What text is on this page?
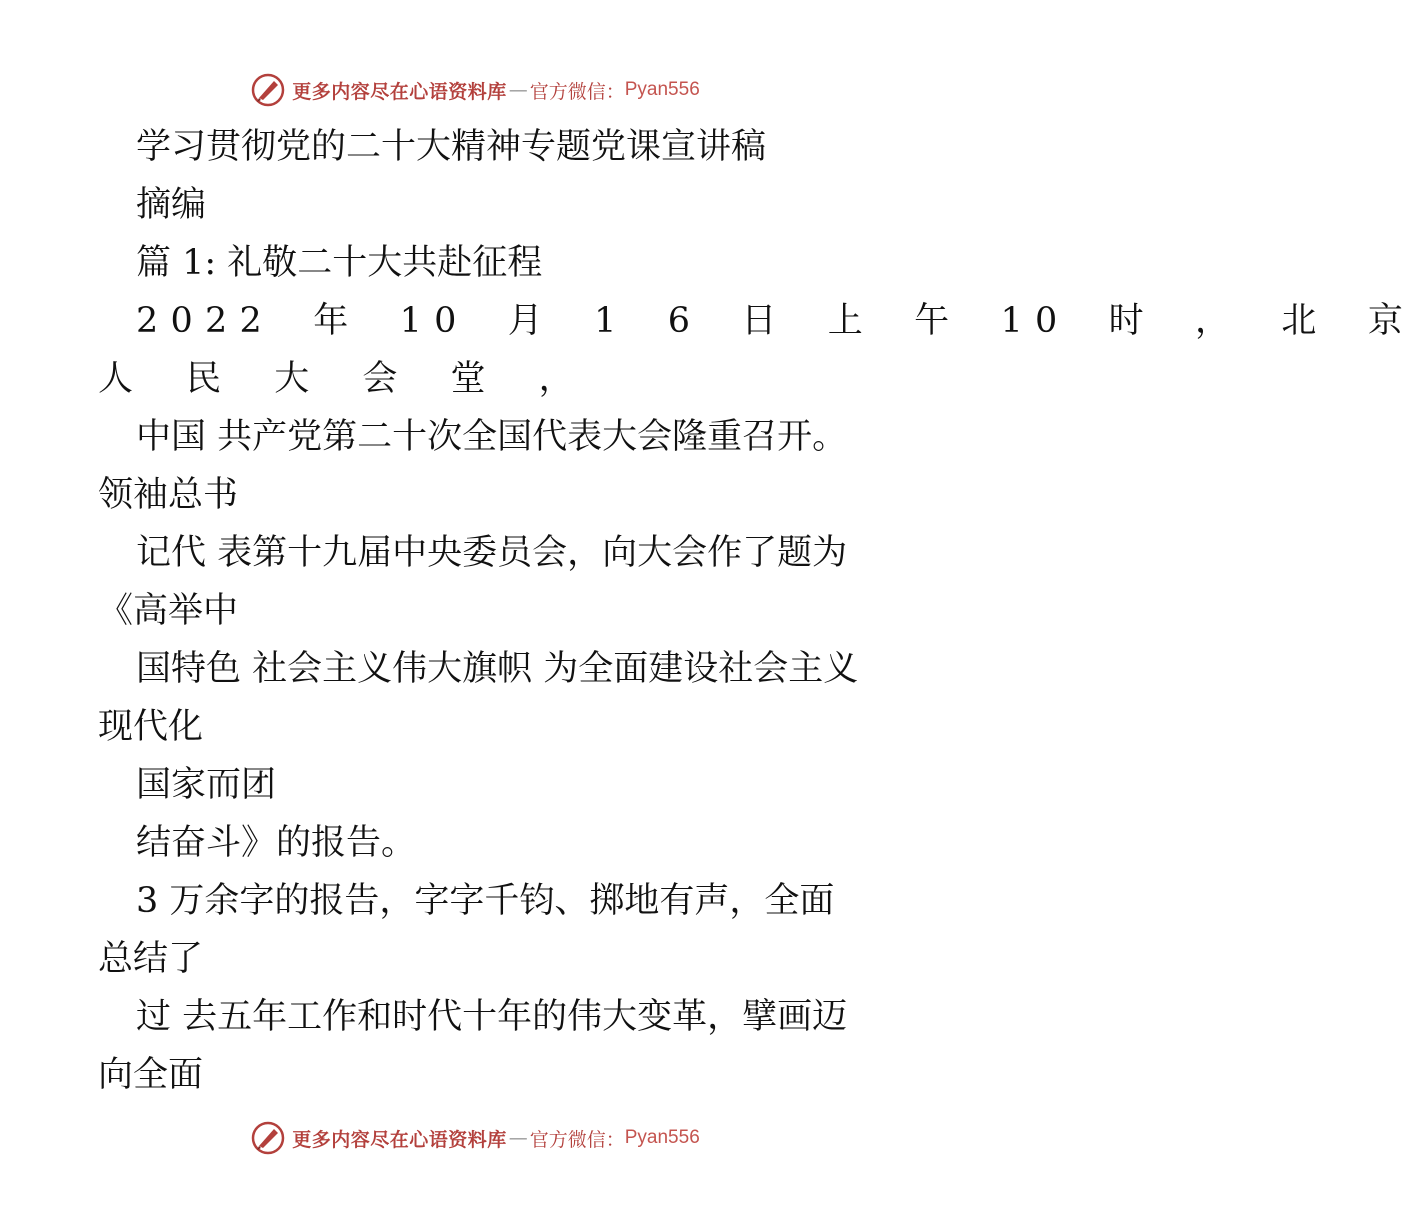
更多内容尽在心语资料库 — 官方微信： Pyan556
学习贯彻党的二十大精神专题党课宣讲稿
摘编
篇 1: 礼敬二十大共赴征程
2022 年 10 月 1 6 日 上 午 10 时 ， 北 京
人 民 大 会 堂 ，
中国 共产党第二十次全国代表大会隆重召开。
领袖总书
记代 表第十九届中央委员会，向大会作了题为
《高举中
国特色 社会主义伟大旗帜 为全面建设社会主义
现代化
国家而团
结奋斗》的报告。
3 万余字的报告，字字千钧、掷地有声，全面
总结了
过 去五年工作和时代十年的伟大变革，擘画迈
向全面
更多内容尽在心语资料库 — 官方微信： Pyan556
